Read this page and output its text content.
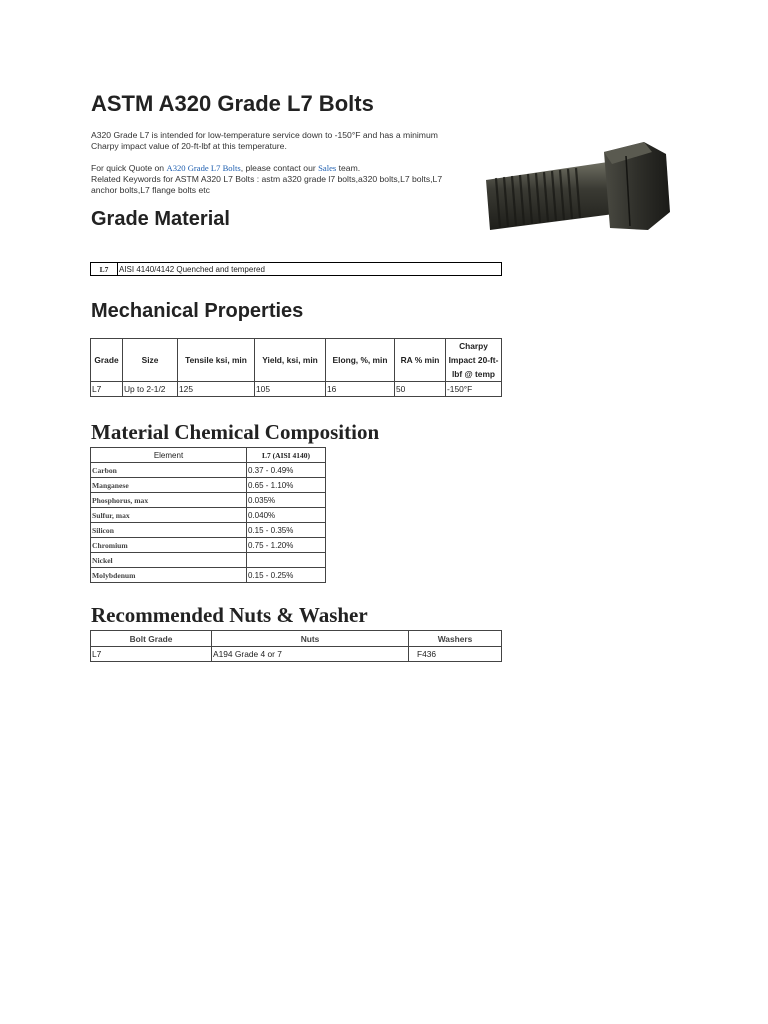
ASTM A320 Grade L7 Bolts
A320 Grade L7 is intended for low-temperature service down to -150°F and has a minimum Charpy impact value of 20-ft-lbf at this temperature.
For quick Quote on A320 Grade L7 Bolts, please contact our Sales team.
Related Keywords for ASTM A320 L7 Bolts : astm a320 grade l7 bolts,a320 bolts,L7 bolts,L7 anchor bolts,L7 flange bolts etc
Grade Material
L7	AISI 4140/4142 Quenched and tempered
Mechanical Properties
Grade	Size	Tensile ksi, min	Yield, ksi, min	Elong, %, min	RA % min	Charpy Impact 20-ft-lbf @ temp
L7	Up to 2-1/2	125	105	16	50	-150°F
Material Chemical Composition
Element	L7 (AISI 4140)
Carbon	0.37 - 0.49%
Manganese	0.65 - 1.10%
Phosphorus, max	0.035%
Sulfur, max	0.040%
Silicon	0.15 - 0.35%
Chromium	0.75 - 1.20%
Nickel	
Molybdenum	0.15 - 0.25%
Recommended Nuts & Washer
Bolt Grade	Nuts	Washers
L7	A194 Grade 4 or 7	F436
